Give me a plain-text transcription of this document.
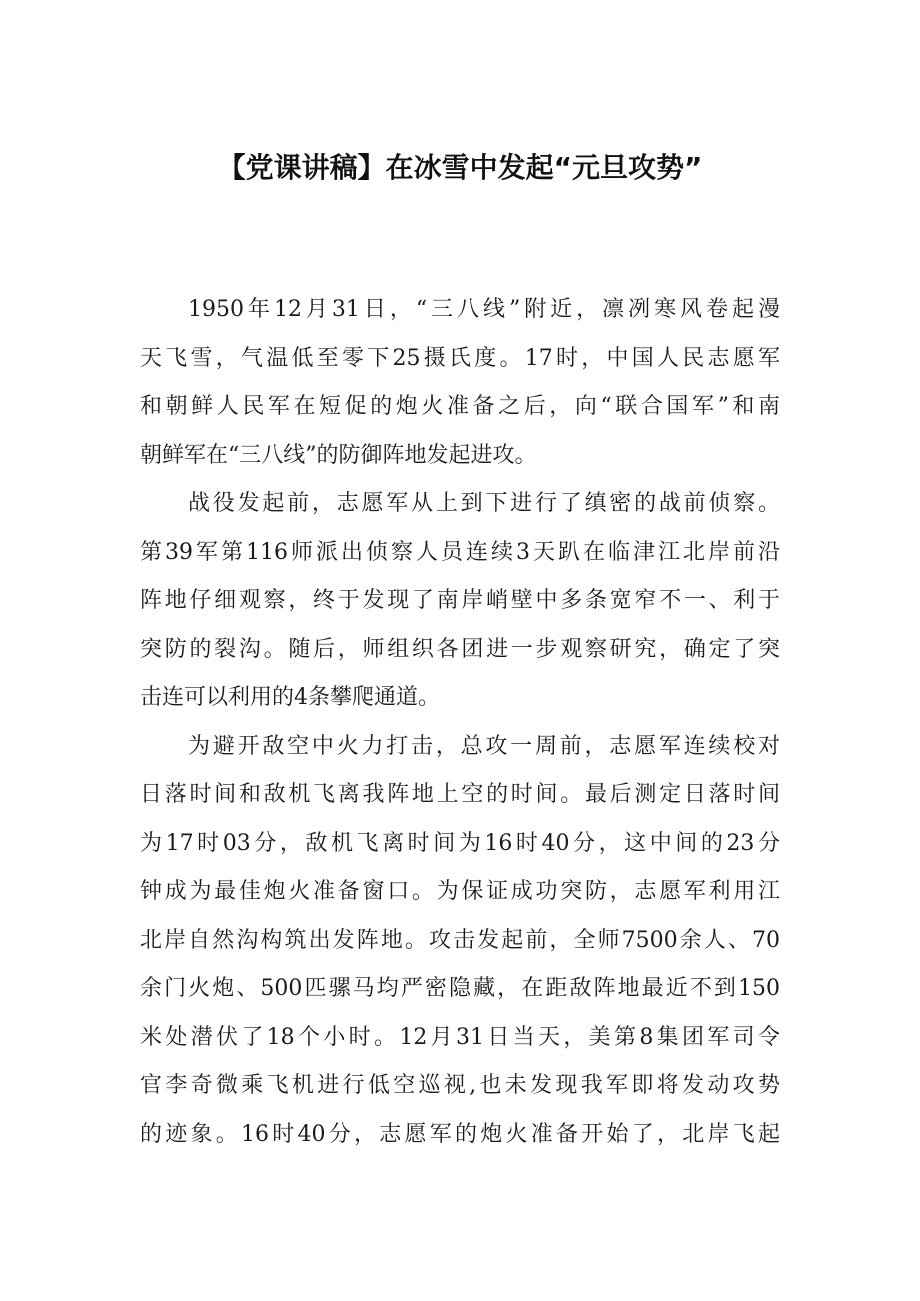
【党课讲稿】在冰雪中发起“元旦攻势”

1950年12月31日，“三八线”附近，凛冽寒风卷起漫
天飞雪，气温低至零下25摄氏度。17时，中国人民志愿军
和朝鲜人民军在短促的炮火准备之后，向“联合国军”和南
朝鲜军在“三八线”的防御阵地发起进攻。

战役发起前，志愿军从上到下进行了缜密的战前侦察。
第39军第116师派出侦察人员连续3天趴在临津江北岸前沿
阵地仔细观察，终于发现了南岸峭壁中多条宽窄不一、利于
突防的裂沟。随后，师组织各团进一步观察研究，确定了突
击连可以利用的4条攀爬通道。

为避开敌空中火力打击，总攻一周前，志愿军连续校对
日落时间和敌机飞离我阵地上空的时间。最后测定日落时间
为17时03分，敌机飞离时间为16时40分，这中间的23分
钟成为最佳炮火准备窗口。为保证成功突防，志愿军利用江
北岸自然沟构筑出发阵地。攻击发起前，全师7500余人、70
余门火炮、500匹骡马均严密隐藏，在距敌阵地最近不到150
米处潜伏了18个小时。12月31日当天，美第8集团军司令
官李奇微乘飞机进行低空巡视,也未发现我军即将发动攻势
的迹象。16时40分，志愿军的炮火准备开始了，北岸飞起
